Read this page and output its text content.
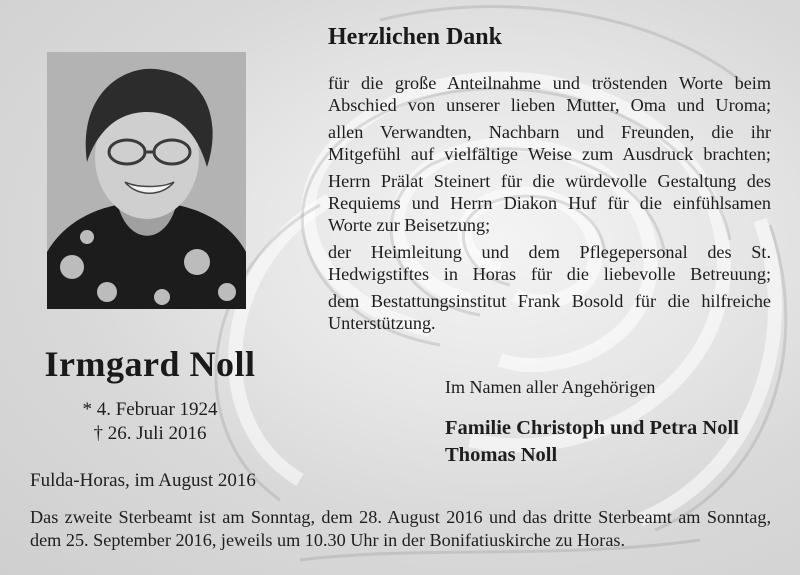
Irmgard Noll
* 4. Februar 1924
† 26. Juli 2016
Fulda-Horas, im August 2016
Herzlichen Dank

für die große Anteilnahme und tröstenden Worte beim Abschied von unserer lieben Mutter, Oma und Uroma;

allen Verwandten, Nachbarn und Freunden, die ihr Mitgefühl auf vielfältige Weise zum Ausdruck brachten;

Herrn Prälat Steinert für die würdevolle Gestaltung des Requiems und Herrn Diakon Huf für die einfühlsamen Worte zur Beisetzung;

der Heimleitung und dem Pflegepersonal des St. Hedwigstiftes in Horas für die liebevolle Betreuung;

dem Bestattungsinstitut Frank Bosold für die hilfreiche Unterstützung.

Im Namen aller Angehörigen
Familie Christoph und Petra Noll
Thomas Noll
Das zweite Sterbeamt ist am Sonntag, dem 28. August 2016 und das dritte Sterbeamt am Sonntag, dem 25. September 2016, jeweils um 10.30 Uhr in der Bonifatiuskirche zu Horas.
